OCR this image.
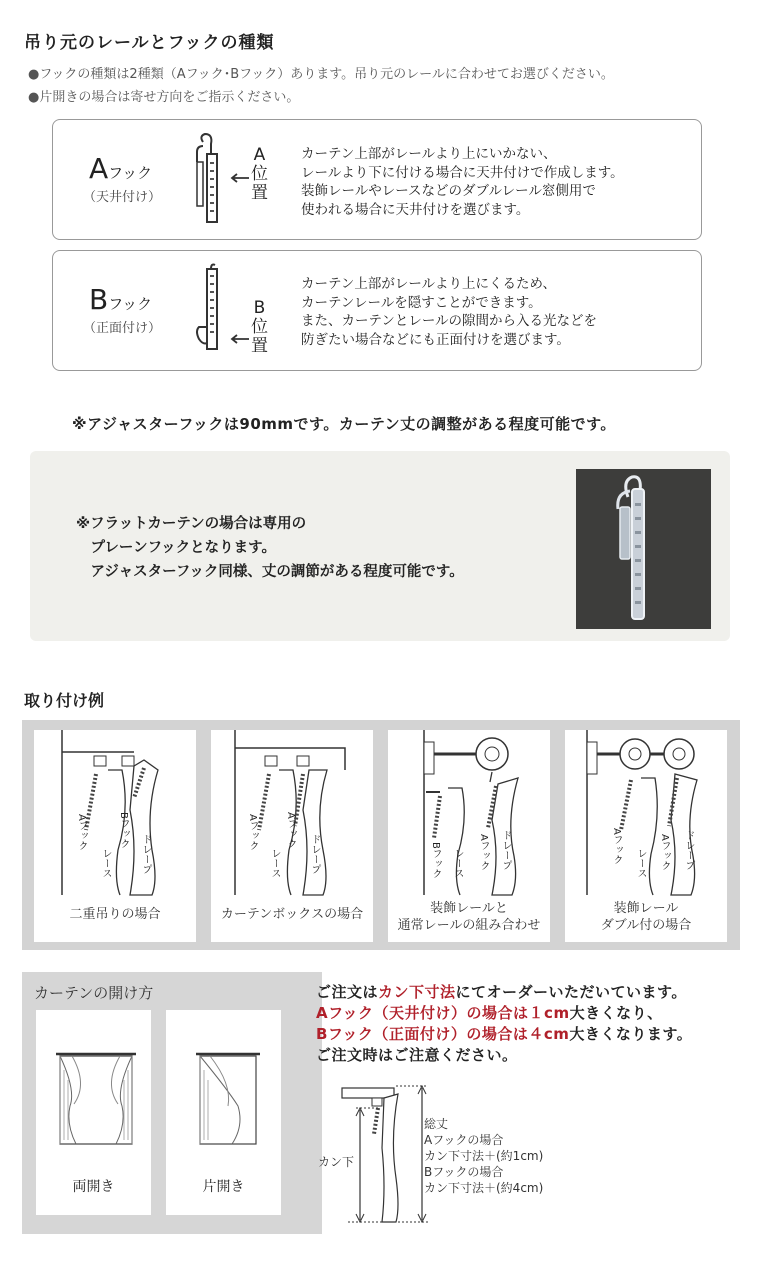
吊り元のレールとフックの種類
●フックの種類は2種類（Aフック･Bフック）あります。吊り元のレールに合わせてお選びください。
●片開きの場合は寄せ方向をご指示ください。
Aフック
（天井付け）
A
位
置
カーテン上部がレールより上にいかない、
レールより下に付ける場合に天井付けで作成します。
装飾レールやレースなどのダブルレール窓側用で
使われる場合に天井付けを選びます。
Bフック
（正面付け）
B
位
置
カーテン上部がレールより上にくるため、
カーテンレールを隠すことができます。
また、カーテンとレールの隙間から入る光などを
防ぎたい場合などにも正面付けを選びます。
※アジャスターフックは90mmです。カーテン丈の調整がある程度可能です。
※フラットカーテンの場合は専用の
　プレーンフックとなります。
　アジャスターフック同様、丈の調節がある程度可能です。
取り付け例
Aフック	Bフック
レース	ドレープ
二重吊りの場合
Aフック	Aフック
レース	ドレープ
カーテンボックスの場合
Bフック レース Aフック ドレープ
装飾レールと
通常レールの組み合わせ
Aフック レース Aフック ドレープ
装飾レール
ダブル付の場合
カーテンの開け方
両開き	片開き
ご注文はカン下寸法にてオーダーいただいています。
Aフック（天井付け）の場合は１cm大きくなり、
Bフック（正面付け）の場合は４cm大きくなります。
ご注文時はご注意ください。
カン下
総丈
Aフックの場合
カン下寸法＋(約1cm)
Bフックの場合
カン下寸法＋(約4cm)
